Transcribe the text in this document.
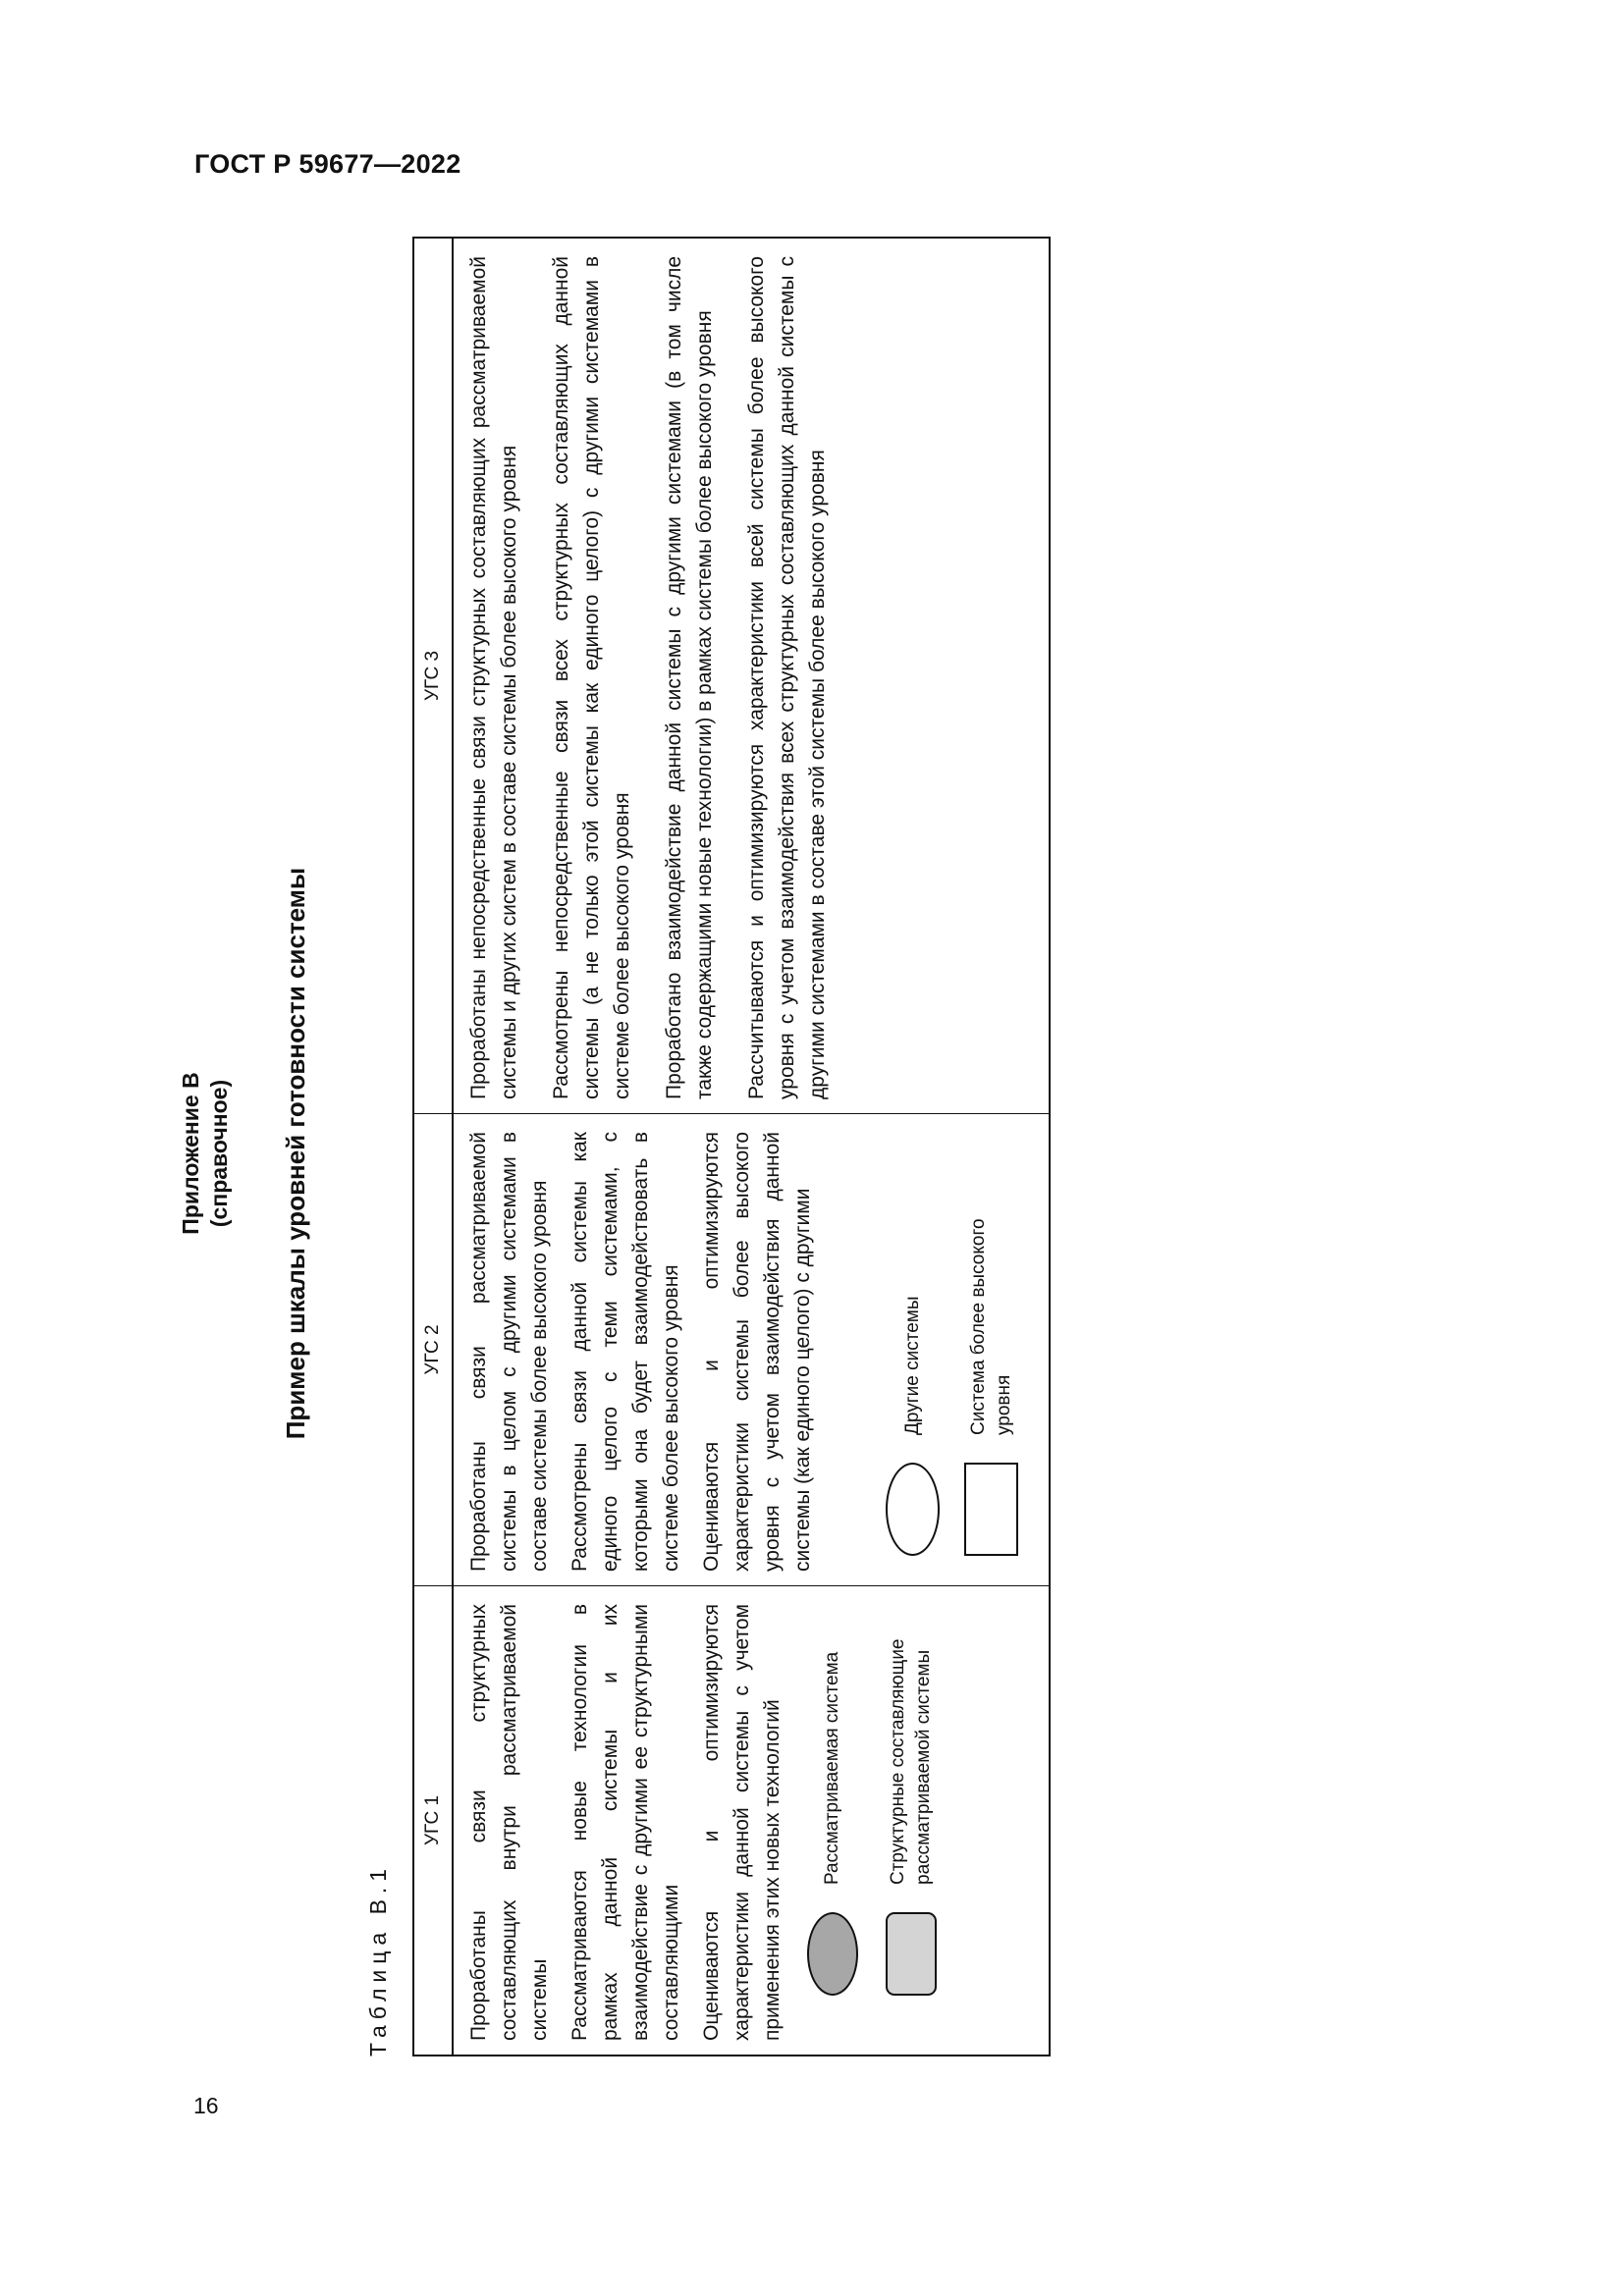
ГОСТ Р 59677—2022
16
Приложение В (справочное) Пример шкалы уровней готовности системы
Таблица В.1
УГС 1
УГС 2
УГС 3

Проработаны связи структурных составляющих внутри рассматриваемой системы Рассматриваются новые технологии в рамках данной системы и их взаимодействие с другими ее структурными составляющими Оцениваются и оптимизируются характеристики данной системы с учетом применения этих новых технологий Рассматриваемая система Структурные составляющие рассматриваемой системы

Проработаны связи рассматриваемой системы в целом с другими системами в составе системы более высокого уровня Рассмотрены связи данной системы как единого целого с теми системами, с которыми она будет взаимодействовать в системе более высокого уровня Оцениваются и оптимизируются характеристики системы более высокого уровня с учетом взаимодействия данной системы (как единого целого) с другими	Другие системы Система более высокого уровня

Проработаны непосредственные связи структурных составляющих рассматриваемой системы и других систем в составе системы более высокого уровня Рассмотрены непосредственные связи всех структурных составляющих данной системы (а не только этой системы как единого целого) с другими системами в системе более высокого уровня Проработано взаимодействие данной системы с другими системами (в том числе также содержащими новые технологии) в рамках системы более высокого уровня Рассчитываются и оптимизируются характеристики всей системы более высокого уровня с учетом взаимодействия всех структурных составляющих данной системы с другими системами в составе этой системы более высокого уровня
